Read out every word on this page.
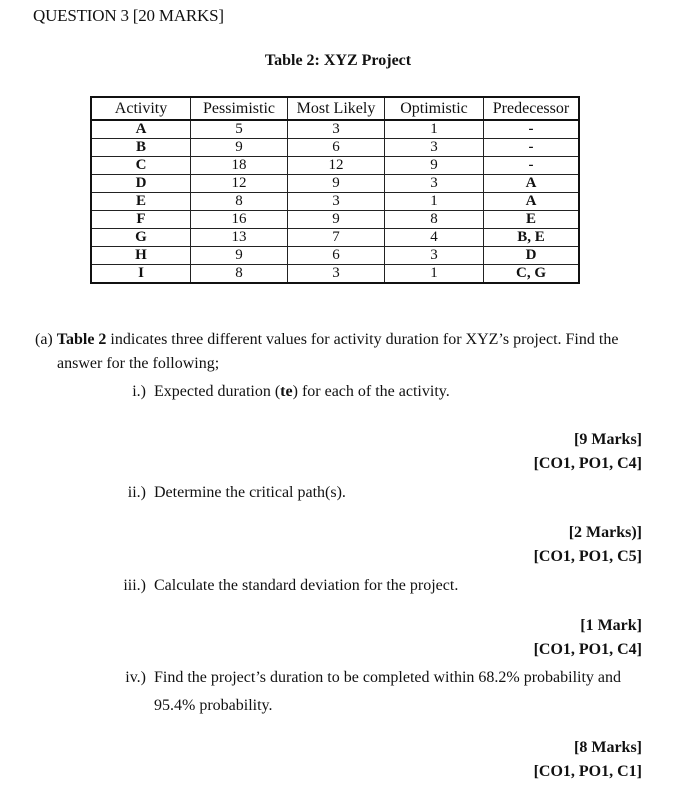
QUESTION 3 [20 MARKS]
Table 2: XYZ Project
Activity	Pessimistic	Most Likely	Optimistic	Predecessor
A	5	3	1	-
B	9	6	3	-
C	18	12	9	-
D	12	9	3	A
E	8	3	1	A
F	16	9	8	E
G	13	7	4	B, E
H	9	6	3	D
I	8	3	1	C, G
(a) Table 2 indicates three different values for activity duration for XYZ’s project. Find the
answer for the following;
i.) Expected duration (te) for each of the activity.
[9 Marks]
[CO1, PO1, C4]
ii.) Determine the critical path(s).
[2 Marks)]
[CO1, PO1, C5]
iii.) Calculate the standard deviation for the project.
[1 Mark]
[CO1, PO1, C4]
iv.) Find the project’s duration to be completed within 68.2% probability and
95.4% probability.
[8 Marks]
[CO1, PO1, C1]
